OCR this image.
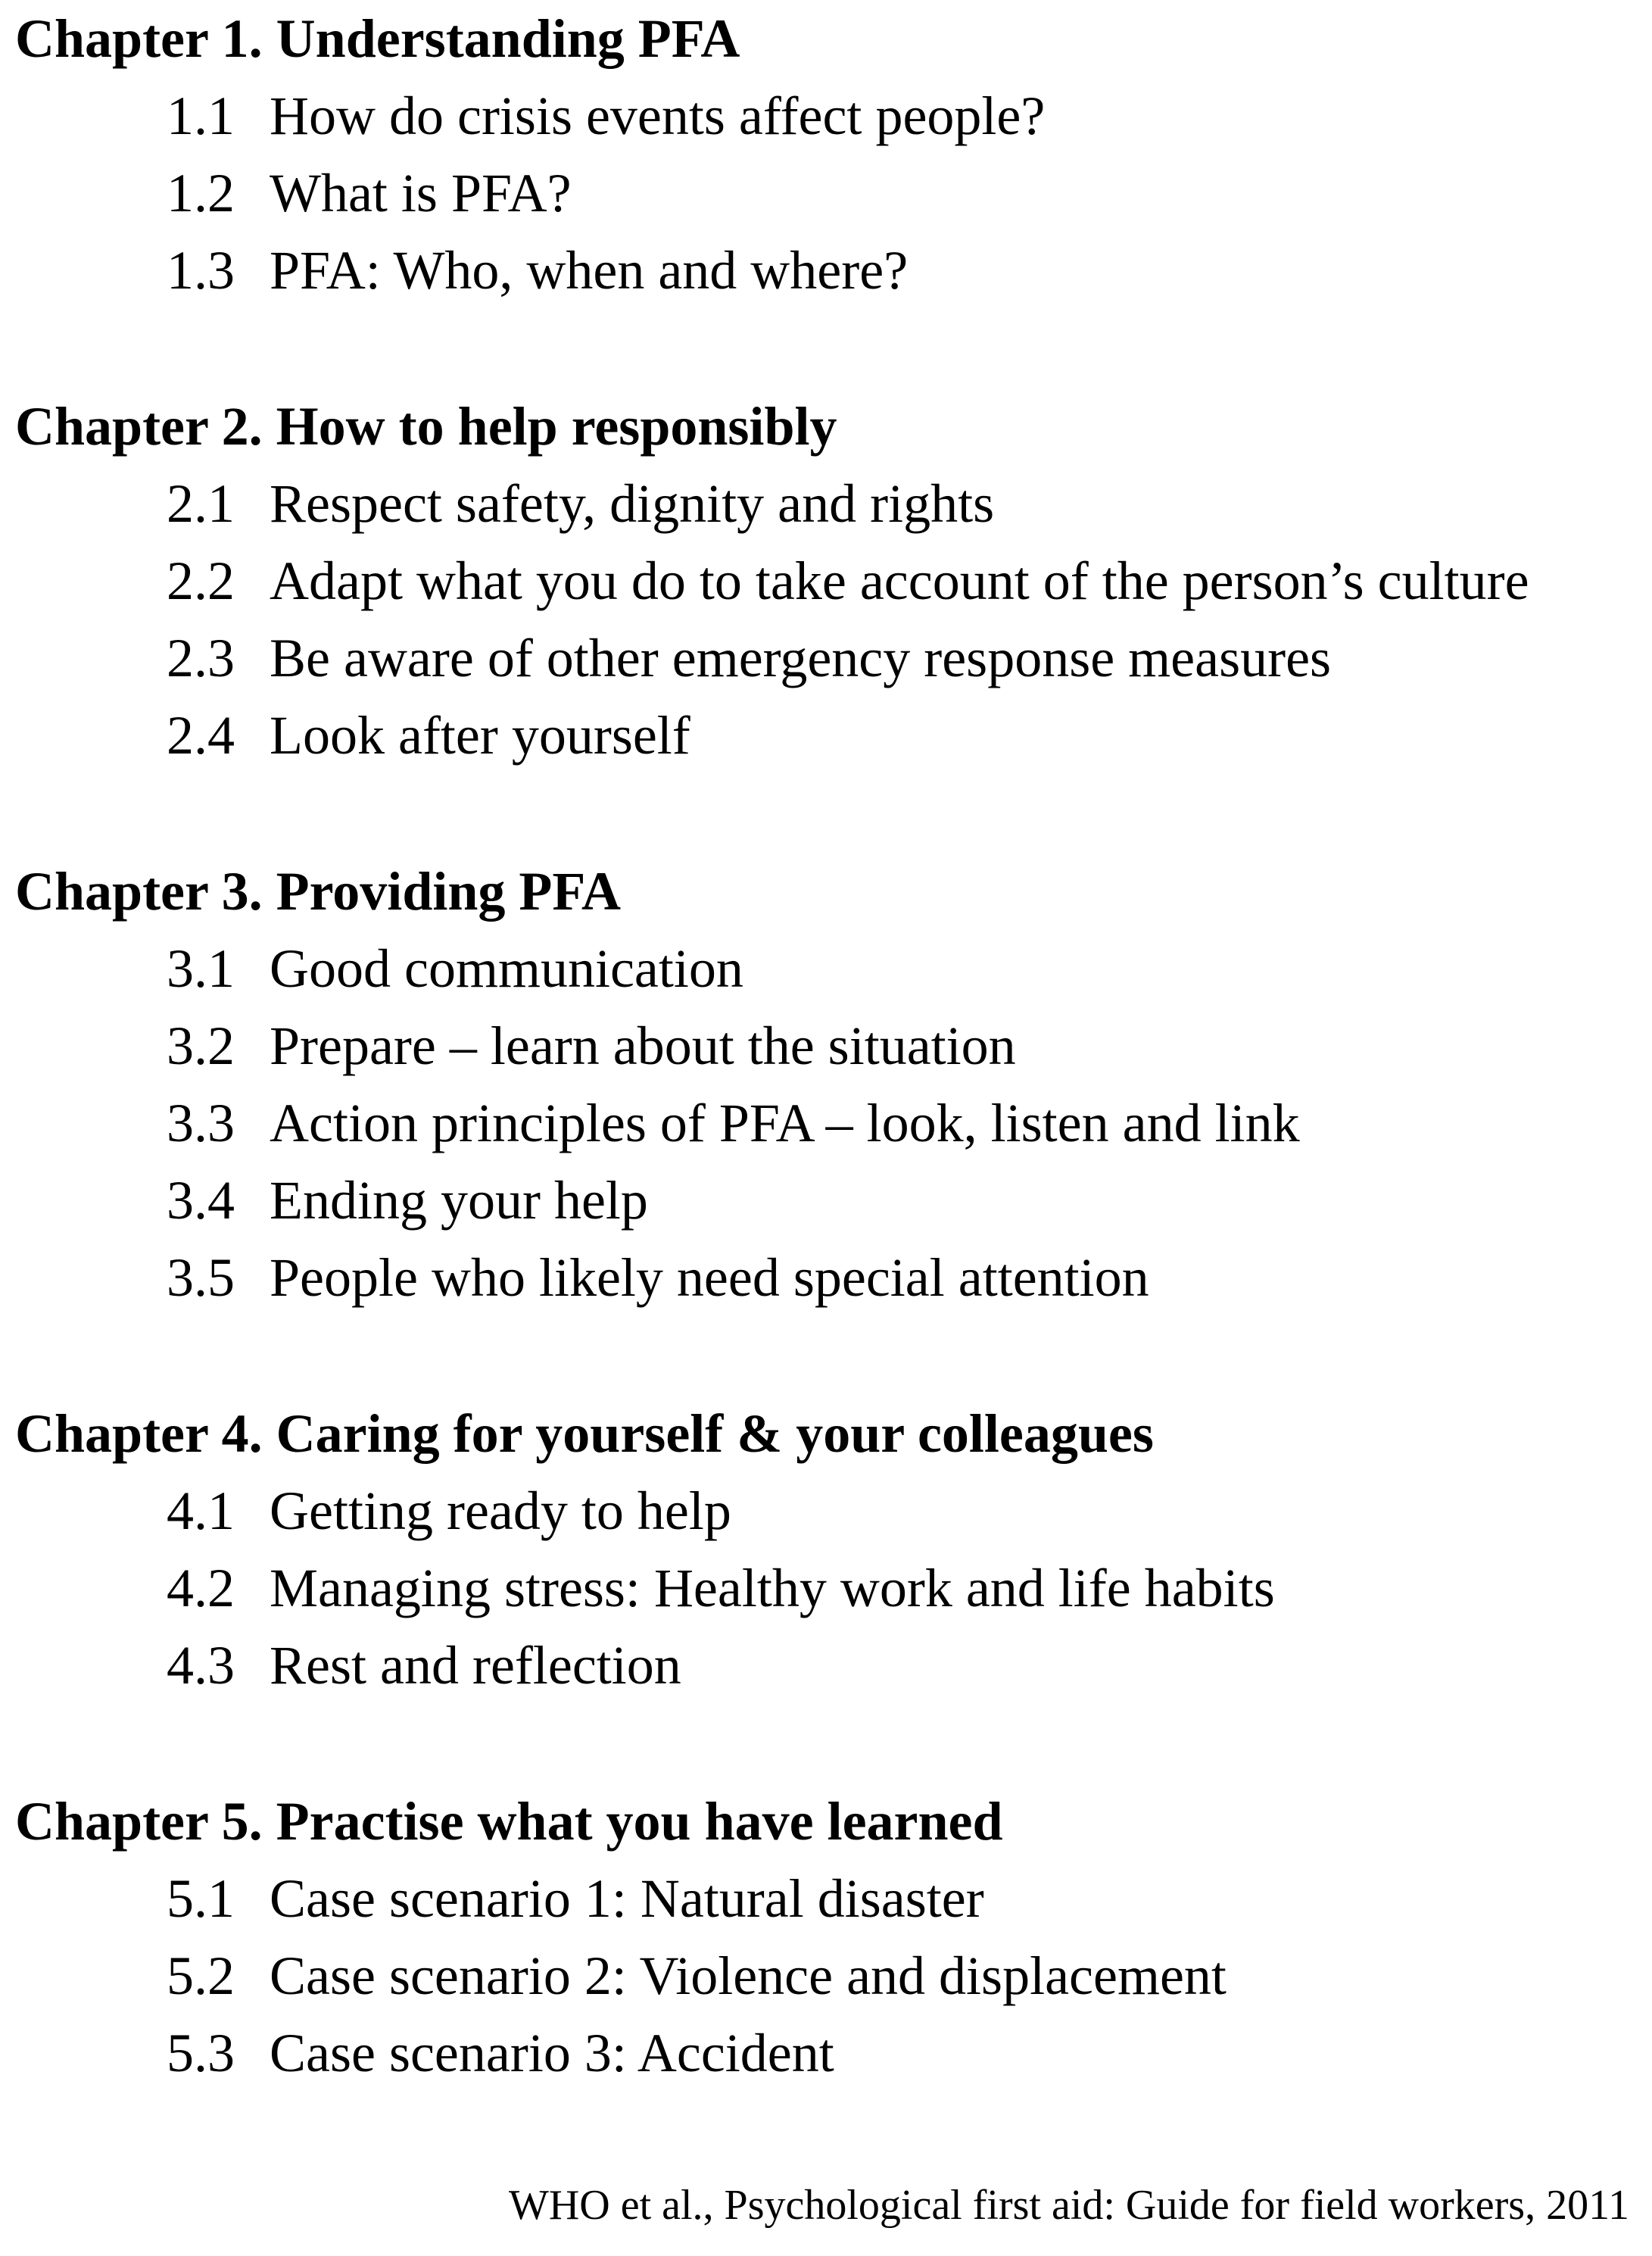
Chapter 1. Understanding PFA
1.1 How do crisis events affect people?
1.2 What is PFA?
1.3 PFA: Who, when and where?
Chapter 2. How to help responsibly
2.1 Respect safety, dignity and rights
2.2 Adapt what you do to take account of the person’s culture
2.3 Be aware of other emergency response measures
2.4 Look after yourself
Chapter 3. Providing PFA
3.1 Good communication
3.2 Prepare – learn about the situation
3.3 Action principles of PFA – look, listen and link
3.4 Ending your help
3.5 People who likely need special attention
Chapter 4. Caring for yourself & your colleagues
4.1 Getting ready to help
4.2 Managing stress: Healthy work and life habits
4.3 Rest and reflection
Chapter 5. Practise what you have learned
5.1 Case scenario 1: Natural disaster
5.2 Case scenario 2: Violence and displacement
5.3 Case scenario 3: Accident
WHO et al., Psychological first aid: Guide for field workers, 2011
